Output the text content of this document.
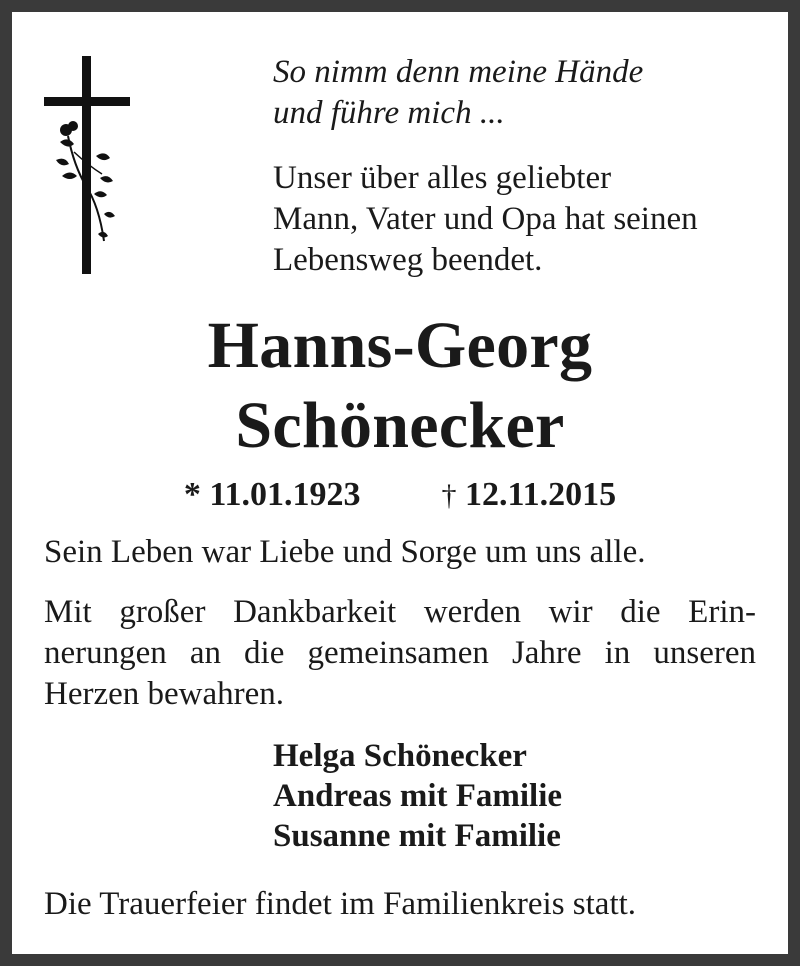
So nimm denn meine Hände
und führe mich ...
Unser über alles geliebter
Mann, Vater und Opa hat seinen
Lebensweg beendet.
Hanns-Georg
Schönecker
* 11.01.1923	† 12.11.2015
Sein Leben war Liebe und Sorge um uns alle.
Mit großer Dankbarkeit werden wir die Erin-
nerungen an die gemeinsamen Jahre in unseren
Herzen bewahren.
Helga Schönecker
Andreas mit Familie
Susanne mit Familie
Die Trauerfeier findet im Familienkreis statt.
